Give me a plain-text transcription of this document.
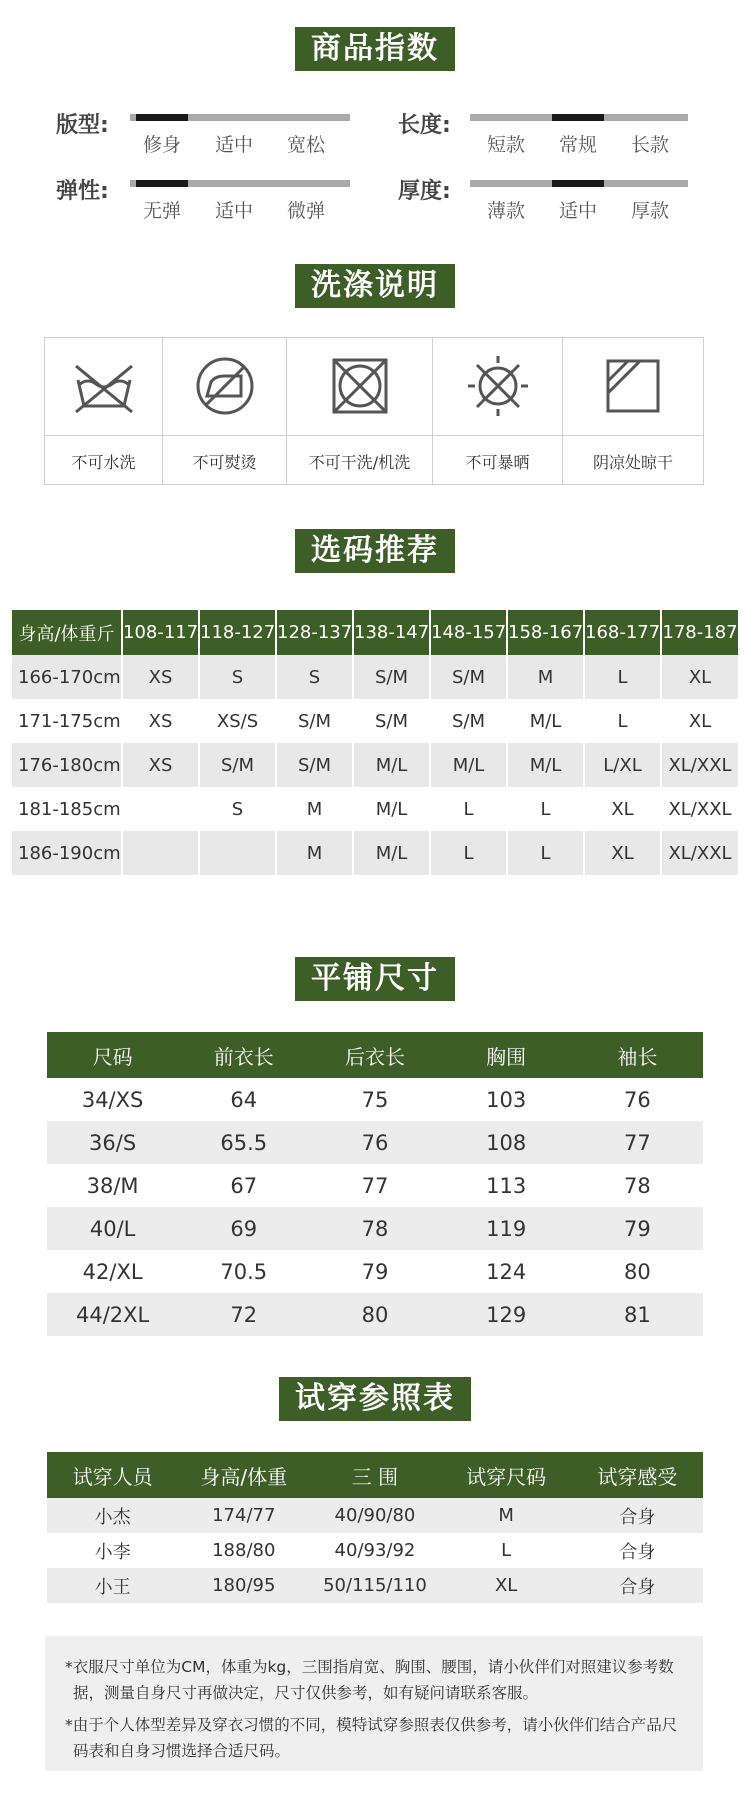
商品指数
版型:
修身 适中 宽松
长度:
短款 常规 长款
弹性:
无弹 适中 微弹
厚度:
薄款 适中 厚款
洗涤说明
不可水洗	不可熨烫	不可干洗/机洗	不可暴晒	阴凉处晾干
选码推荐
身高/体重斤	108-117	118-127	128-137	138-147	148-157	158-167	168-177	178-187
166-170cm	XS	S	S	S/M	S/M	M	L	XL
171-175cm	XS	XS/S	S/M	S/M	S/M	M/L	L	XL
176-180cm	XS	S/M	S/M	M/L	M/L	M/L	L/XL	XL/XXL
181-185cm		S	M	M/L	L	L	XL	XL/XXL
186-190cm			M	M/L	L	L	XL	XL/XXL
平铺尺寸
尺码	前衣长	后衣长	胸围	袖长
34/XS	64	75	103	76
36/S	65.5	76	108	77
38/M	67	77	113	78
40/L	69	78	119	79
42/XL	70.5	79	124	80
44/2XL	72	80	129	81
试穿参照表
试穿人员	身高/体重	三 围	试穿尺码	试穿感受
小杰	174/77	40/90/80	M	合身
小李	188/80	40/93/92	L	合身
小王	180/95	50/115/110	XL	合身

*衣服尺寸单位为CM，体重为kg，三围指肩宽、胸围、腰围，请小伙伴们对照建议参考数据，测量自身尺寸再做决定，尺寸仅供参考，如有疑问请联系客服。

*由于个人体型差异及穿衣习惯的不同，模特试穿参照表仅供参考，请小伙伴们结合产品尺码表和自身习惯选择合适尺码。
